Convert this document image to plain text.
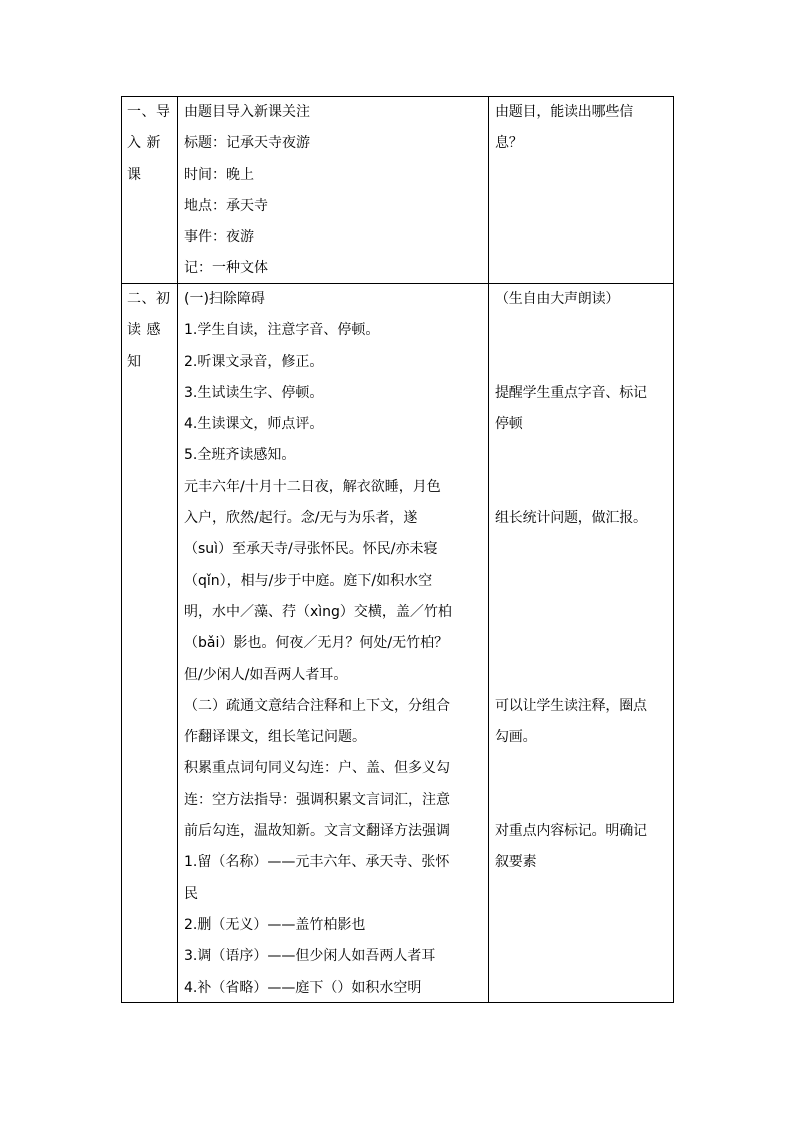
一、导
入 新
课
由题目导入新课关注
标题：记承天寺夜游
时间：晚上
地点：承天寺
事件：夜游
记：一种文体
由题目，能读出哪些信
息？
二、初
读 感
知
(一)扫除障碍
1.学生自读，注意字音、停顿。
2.听课文录音，修正。
3.生试读生字、停顿。
4.生读课文，师点评。
5.全班齐读感知。
元丰六年/十月十二日夜，解衣欲睡，月色
入户，欣然/起行。念/无与为乐者，遂
（suì）至承天寺/寻张怀民。怀民/亦未寝
（qǐn），相与/步于中庭。庭下/如积水空
明，水中／藻、荇（xìng）交横，盖／竹柏
（bǎi）影也。何夜／无月？何处/无竹柏？
但/少闲人/如吾两人者耳。
（二）疏通文意结合注释和上下文，分组合
作翻译课文，组长笔记问题。
积累重点词句同义勾连：户、盖、但多义勾
连：空方法指导：强调积累文言词汇，注意
前后勾连，温故知新。文言文翻译方法强调
1.留（名称）——元丰六年、承天寺、张怀
民
2.删（无义）——盖竹柏影也
3.调（语序）——但少闲人如吾两人者耳
4.补（省略）——庭下（）如积水空明
（生自由大声朗读）
提醒学生重点字音、标记
停顿
组长统计问题，做汇报。
可以让学生读注释，圈点
勾画。
对重点内容标记。明确记
叙要素
